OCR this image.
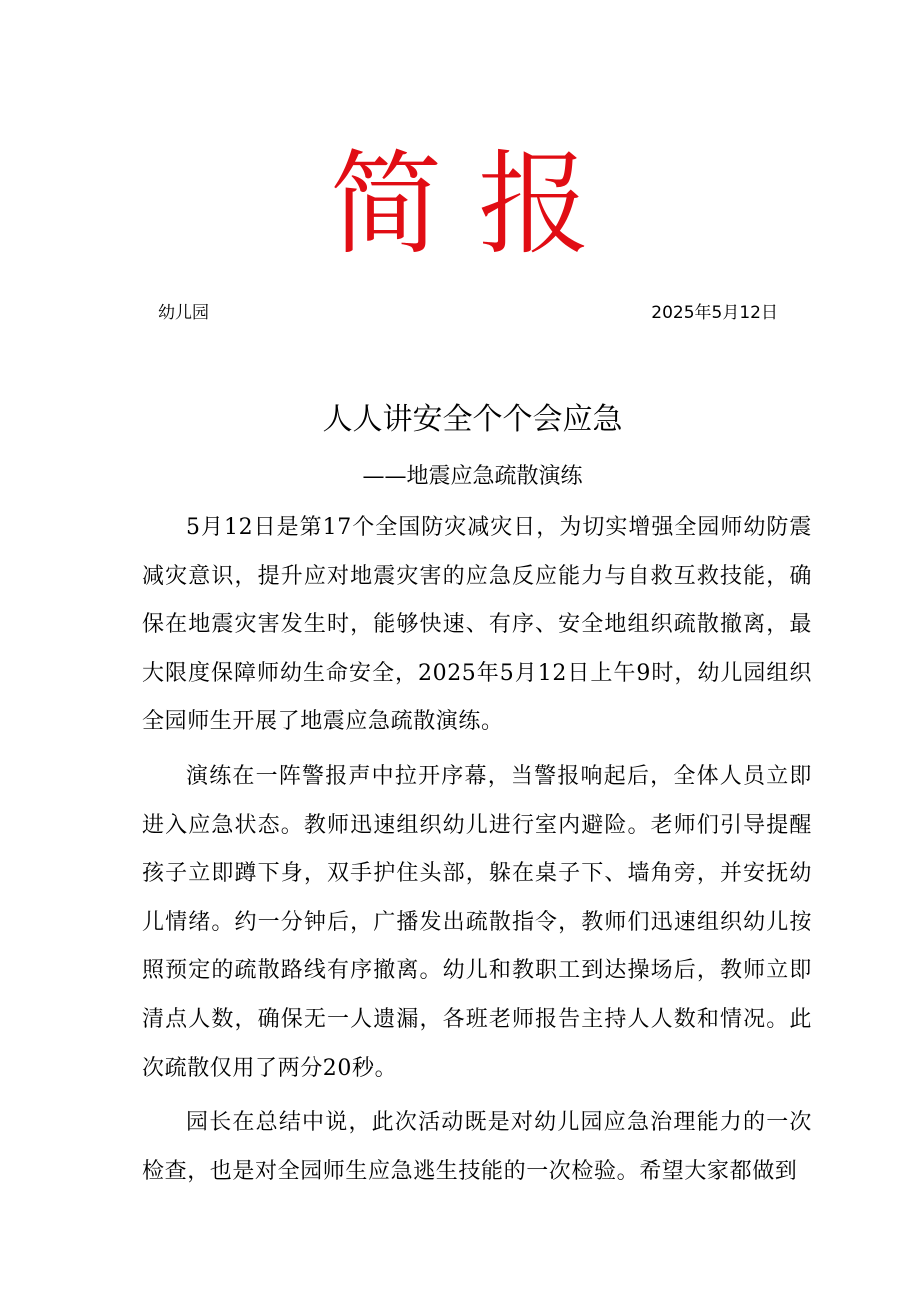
简报
幼儿园	2025年5月12日
人人讲安全个个会应急
——地震应急疏散演练

5月12日是第17个全国防灾减灾日，为切实增强全园师幼防震减灾意识，提升应对地震灾害的应急反应能力与自救互救技能，确保在地震灾害发生时，能够快速、有序、安全地组织疏散撤离，最大限度保障师幼生命安全，2025年5月12日上午9时，幼儿园组织全园师生开展了地震应急疏散演练。

演练在一阵警报声中拉开序幕，当警报响起后，全体人员立即进入应急状态。教师迅速组织幼儿进行室内避险。老师们引导提醒孩子立即蹲下身，双手护住头部，躲在桌子下、墙角旁，并安抚幼儿情绪。约一分钟后，广播发出疏散指令，教师们迅速组织幼儿按照预定的疏散路线有序撤离。幼儿和教职工到达操场后，教师立即清点人数，确保无一人遗漏，各班老师报告主持人人数和情况。此次疏散仅用了两分20秒。

园长在总结中说，此次活动既是对幼儿园应急治理能力的一次检查，也是对全园师生应急逃生技能的一次检验。希望大家都做到
